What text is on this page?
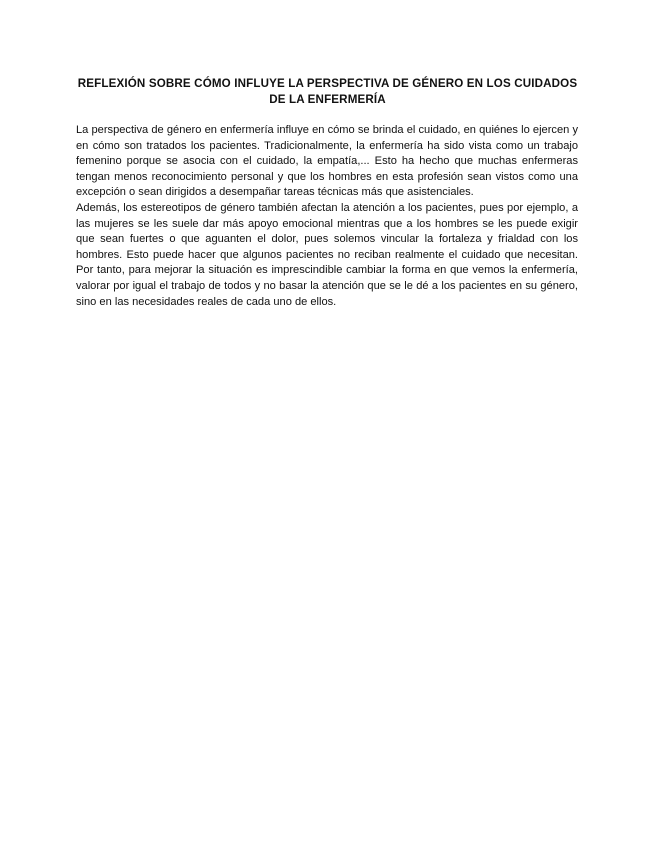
REFLEXIÓN SOBRE CÓMO INFLUYE LA PERSPECTIVA DE GÉNERO EN LOS CUIDADOS
DE LA ENFERMERÍA

La perspectiva de género en enfermería influye en cómo se brinda el cuidado, en quiénes lo ejercen y en cómo son tratados los pacientes. Tradicionalmente, la enfermería ha sido vista como un trabajo femenino porque se asocia con el cuidado, la empatía,... Esto ha hecho que muchas enfermeras tengan menos reconocimiento personal y que los hombres en esta profesión sean vistos como una excepción o sean dirigidos a desempañar tareas técnicas más que asistenciales.

Además, los estereotipos de género también afectan la atención a los pacientes, pues por ejemplo, a las mujeres se les suele dar más apoyo emocional mientras que a los hombres se les puede exigir que sean fuertes o que aguanten el dolor, pues solemos vincular la fortaleza y frialdad con los hombres. Esto puede hacer que algunos pacientes no reciban realmente el cuidado que necesitan. Por tanto, para mejorar la situación es imprescindible cambiar la forma en que vemos la enfermería, valorar por igual el trabajo de todos y no basar la atención que se le dé a los pacientes en su género, sino en las necesidades reales de cada uno de ellos.
